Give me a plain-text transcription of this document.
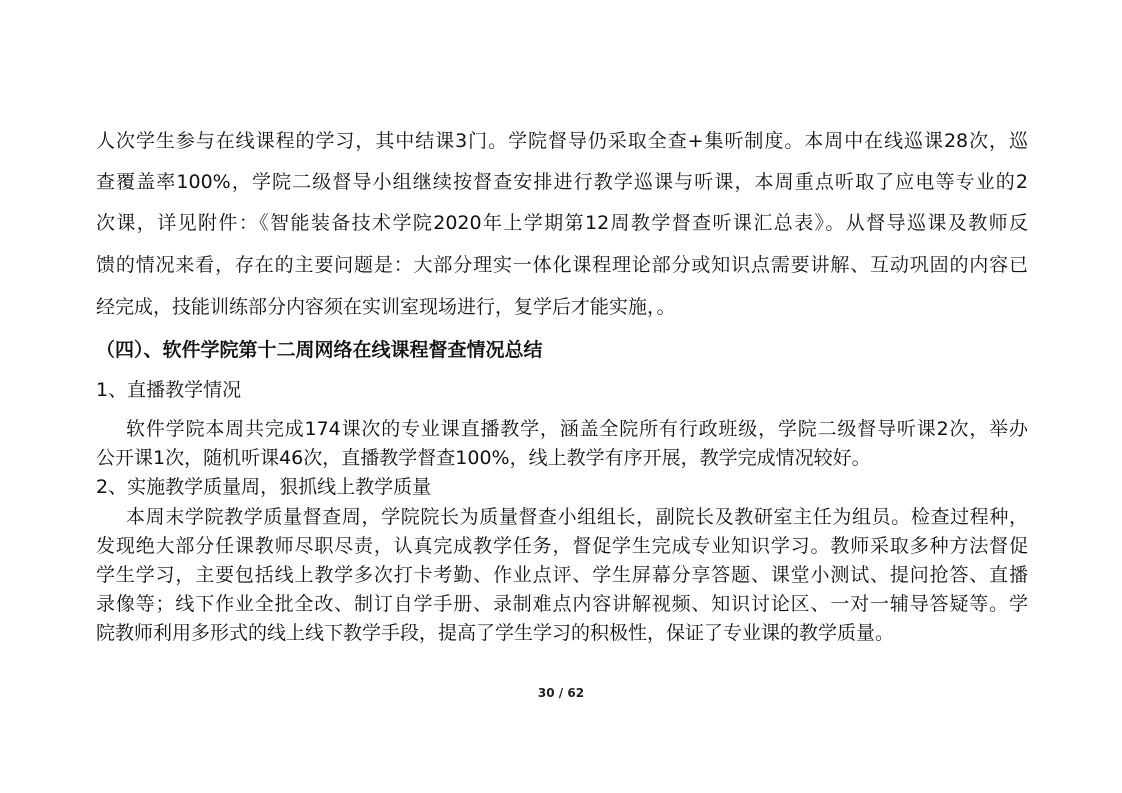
人次学生参与在线课程的学习，其中结课3门。学院督导仍采取全查+集听制度。本周中在线巡课28次，巡
查覆盖率100%，学院二级督导小组继续按督查安排进行教学巡课与听课，本周重点听取了应电等专业的2
次课，详见附件：《智能装备技术学院2020年上学期第12周教学督查听课汇总表》。从督导巡课及教师反
馈的情况来看，存在的主要问题是：大部分理实一体化课程理论部分或知识点需要讲解、互动巩固的内容已
经完成，技能训练部分内容须在实训室现场进行，复学后才能实施，。
（四）、软件学院第十二周网络在线课程督查情况总结
1、直播教学情况
软件学院本周共完成174课次的专业课直播教学，涵盖全院所有行政班级，学院二级督导听课2次，举办
公开课1次，随机听课46次，直播教学督查100%，线上教学有序开展，教学完成情况较好。
2、实施教学质量周，狠抓线上教学质量
本周末学院教学质量督查周，学院院长为质量督查小组组长，副院长及教研室主任为组员。检查过程种，
发现绝大部分任课教师尽职尽责，认真完成教学任务，督促学生完成专业知识学习。教师采取多种方法督促
学生学习，主要包括线上教学多次打卡考勤、作业点评、学生屏幕分享答题、课堂小测试、提问抢答、直播
录像等；线下作业全批全改、制订自学手册、录制难点内容讲解视频、知识讨论区、一对一辅导答疑等。学
院教师利用多形式的线上线下教学手段，提高了学生学习的积极性，保证了专业课的教学质量。
30 / 62
